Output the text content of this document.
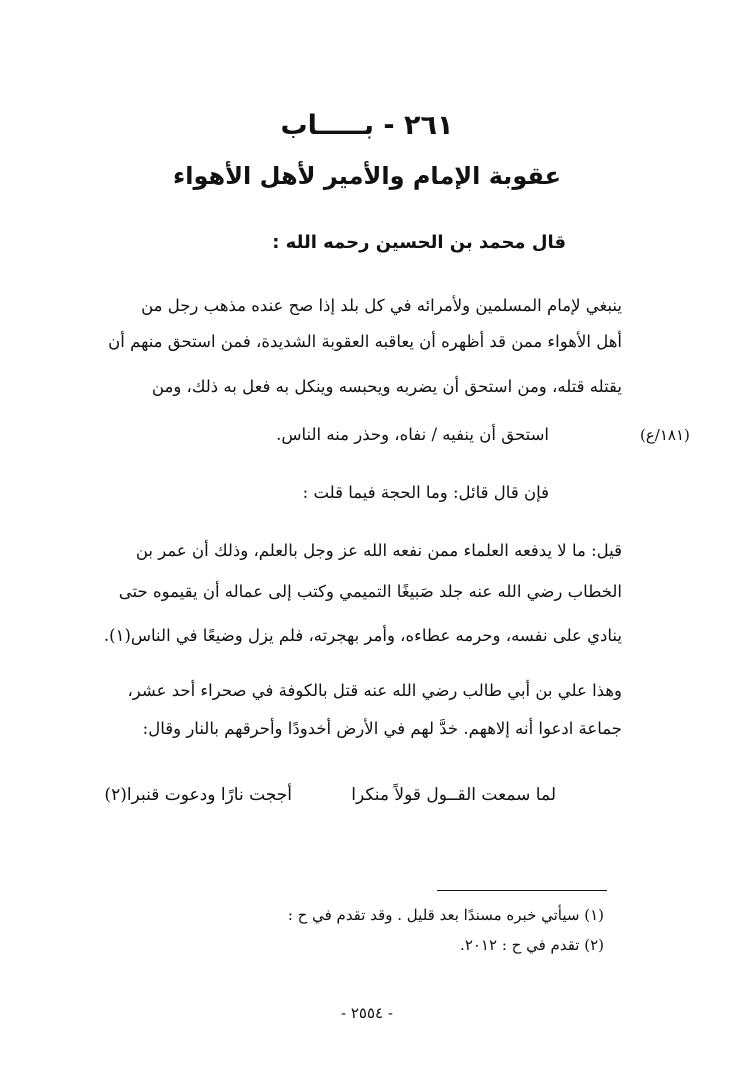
٢٦١ - بـــــاب
عقوبة الإمام والأمير لأهل الأهواء
قال محمد بن الحسين رحمه الله :
ينبغي لإمام المسلمين ولأمرائه في كل بلد إذا صح عنده مذهب رجل من
أهل الأهواء ممن قد أظهره أن يعاقبه العقوبة الشديدة، فمن استحق منهم أن
يقتله قتله، ومن استحق أن يضربه ويحبسه وينكل به فعل به ذلك، ومن
استحق أن ينفيه / نفاه، وحذر منه الناس.	(١٨١/ع)
فإن قال قائل: وما الحجة فيما قلت :
قيل: ما لا يدفعه العلماء ممن نفعه الله عز وجل بالعلم، وذلك أن عمر بن
الخطاب رضي الله عنه جلد صَبيغًا التميمي وكتب إلى عماله أن يقيموه حتى
ينادي على نفسه، وحرمه عطاءه، وأمر بهجرته، فلم يزل وضيعًا في الناس(١).
وهذا علي بن أبي طالب رضي الله عنه قتل بالكوفة في صحراء أحد عشر،
جماعة ادعوا أنه إلاههم. خدَّ لهم في الأرض أخدودًا وأحرقهم بالنار وقال:
لما سمعت القــول قولاً منكرا
أججت نارًا ودعوت قنبرا(٢)
(١) سيأتي خبره مسندًا بعد قليل . وقد تقدم في ح :
(٢) تقدم في ح : ٢٠١٢.
- ٢٥٥٤ -
